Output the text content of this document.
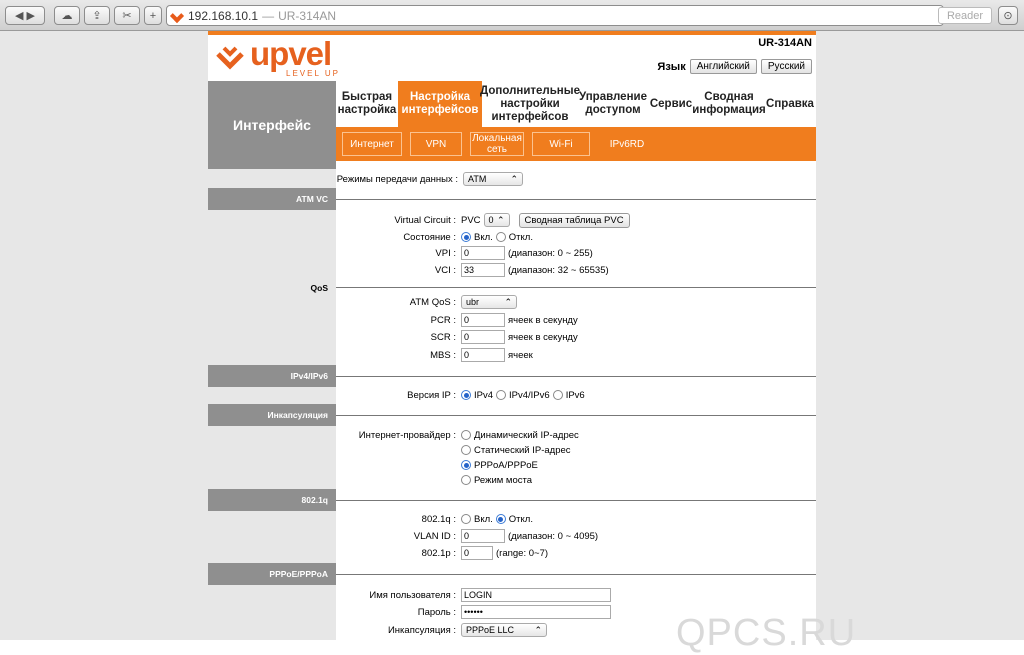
◀ ▶	☁	⇪	✂	+	192.168.10.1 — UR-314AN	Reader	⊙
upvel
LEVEL UP
UR-314AN
Язык	Английский	Русский
Интерфейс
Быстрая настройка
Настройка интерфейсов
Дополнительные настройки интерфейсов
Управление доступом
Сервис
Сводная информация
Справка
Интернет	VPN	Локальная сеть	Wi-Fi	IPv6RD
Режимы передачи данных :	ATM	⌃
ATM VC
Virtual Circuit : PVC 0 ⌃	Сводная таблица PVC
Состояние :	Вкл. Откл.
VPI : 0	(диапазон: 0 ~ 255)
VCI : 33	(диапазон: 32 ~ 65535)
QoS
ATM QoS :	ubr	⌃
PCR : 0	ячеек в секунду
SCR : 0	ячеек в секунду
MBS : 0	ячеек
IPv4/IPv6
Версия IP :	IPv4 IPv4/IPv6 IPv6
Инкапсуляция
Интернет-провайдер :	Динамический IP-адрес
Статический IP-адрес
PPPoA/PPPoE
Режим моста
802.1q
802.1q :	Вкл. Откл.
VLAN ID : 0	(диапазон: 0 ~ 4095)
802.1p : 0	(range: 0~7)
PPPoE/PPPoA
Имя пользователя : LOGIN
Пароль : ••••••
Инкапсуляция :	PPPoE LLC ⌃	QPCS.RU
